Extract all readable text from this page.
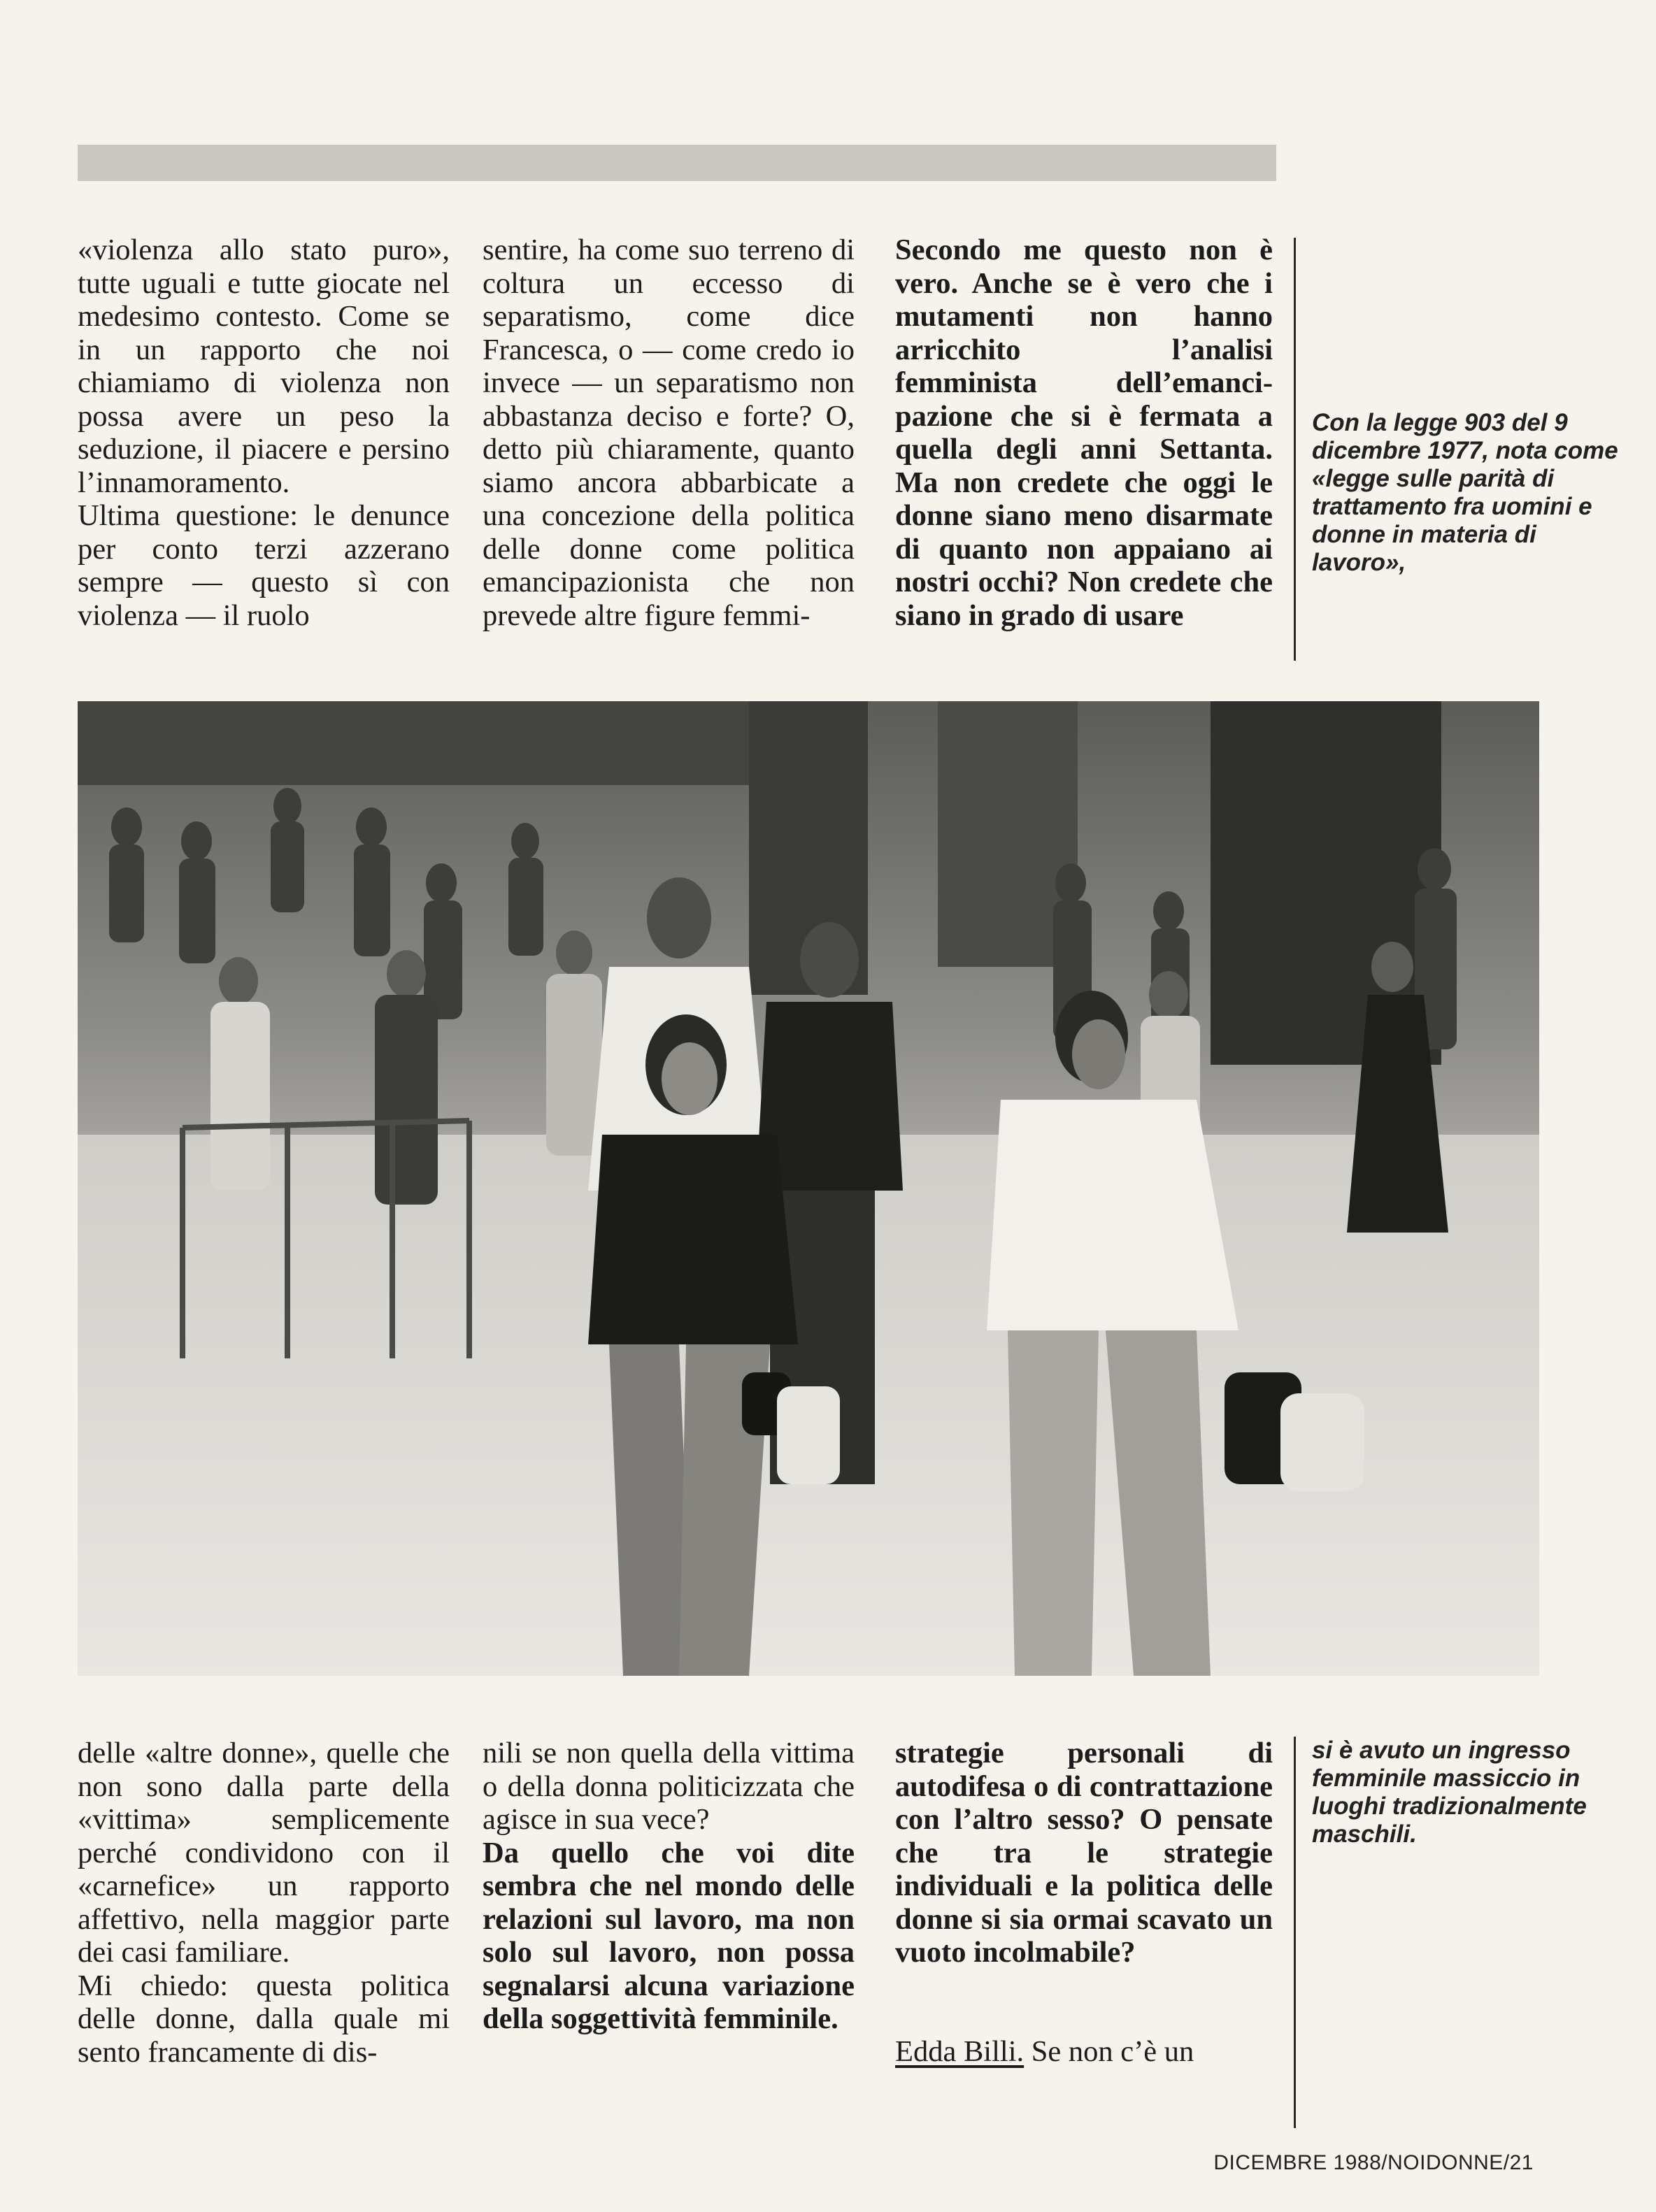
«violenza allo stato puro», tutte uguali e tutte giocate nel medesimo contesto. Come se in un rapporto che noi chiamiamo di violenza non possa avere un peso la seduzione, il piacere e persino l’innamoramento.

Ultima questione: le denunce per conto terzi azzerano sempre — questo sì con violenza — il ruolo

sentire, ha come suo terreno di coltura un eccesso di separatismo, come dice Francesca, o — come credo io invece — un separatismo non abbastanza deciso e forte? O, detto più chiaramente, quanto siamo ancora abbarbicate a una concezione della politica delle donne come politica emancipazionista che non prevede altre figure femmi-

Secondo me questo non è vero. Anche se è vero che i mutamenti non hanno arricchito l’analisi femminista dell’emancipazione che si è fermata a quella degli anni Settanta. Ma non credete che oggi le donne siano meno disarmate di quanto non appaiano ai nostri occhi? Non credete che siano in grado di usare

Con la legge 903 del 9 dicembre 1977, nota come «legge sulle parità di trattamento fra uomini e donne in materia di lavoro»,

delle «altre donne», quelle che non sono dalla parte della «vittima» semplicemente perché condividono con il «carnefice» un rapporto affettivo, nella maggior parte dei casi familiare.

Mi chiedo: questa politica delle donne, dalla quale mi sento francamente di dis-

nili se non quella della vittima o della donna politicizzata che agisce in sua vece?

Da quello che voi dite sembra che nel mondo delle relazioni sul lavoro, ma non solo sul lavoro, non possa segnalarsi alcuna variazione della soggettività femminile.

strategie personali di autodifesa o di contrattazione con l’altro sesso? O pensate che tra le strategie individuali e la politica delle donne si sia ormai scavato un vuoto incolmabile?

Edda Billi. Se non c’è un

si è avuto un ingresso femminile massiccio in luoghi tradizionalmente maschili.

DICEMBRE 1988/NOIDONNE/21
